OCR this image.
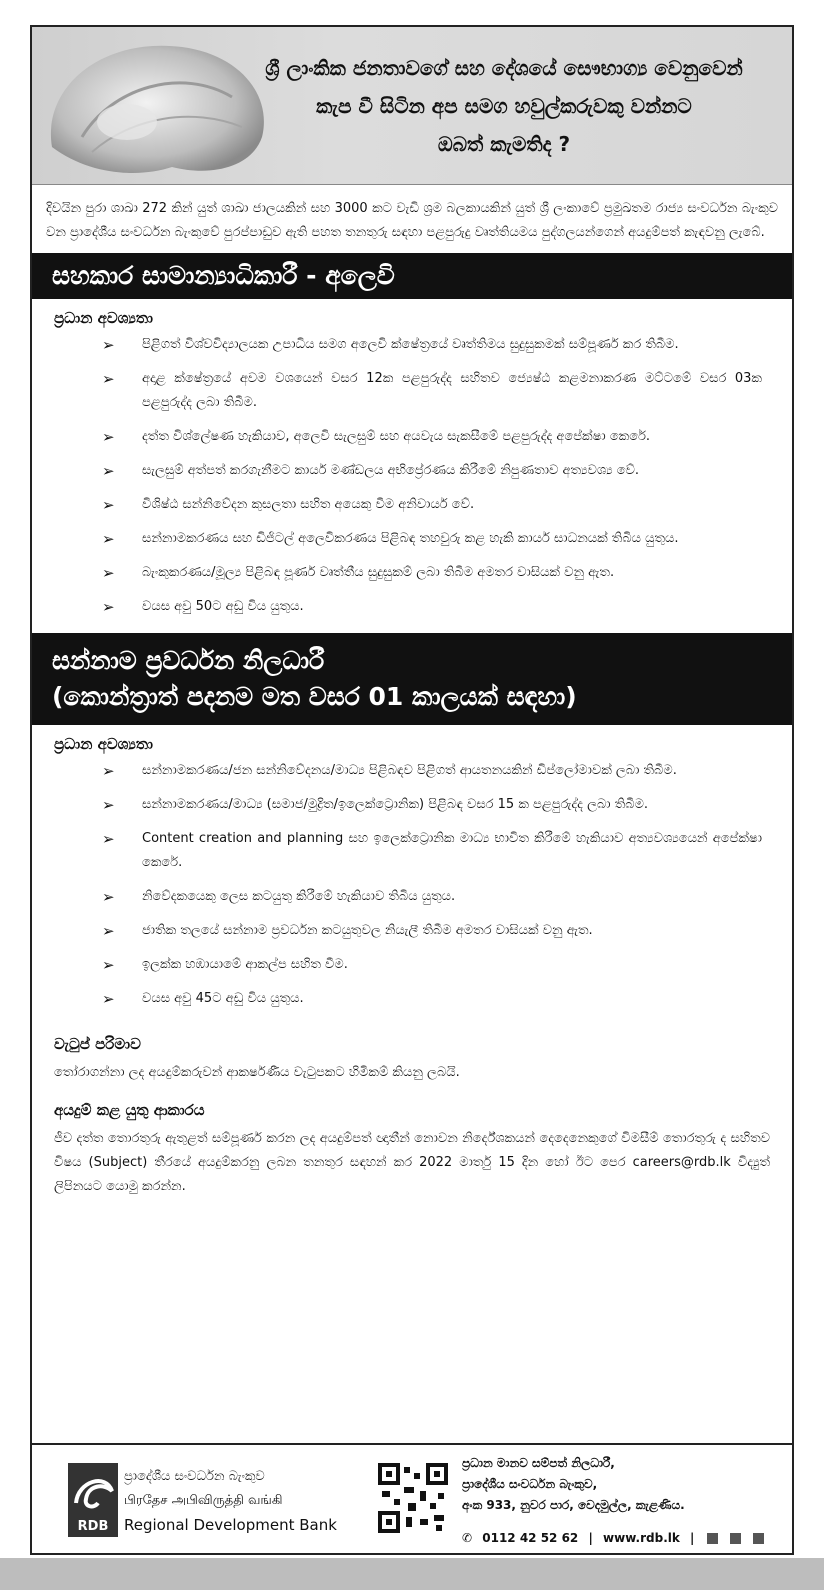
ශ්‍රී ලාංකික ජනතාවගේ සහ දේශයේ සෞභාග්‍ය වෙනුවෙන්
කැප වී සිටින අප සමග හවුල්කරුවකු වන්නට
ඔබත් කැමතිද ?

දිවයින පුරා ශාඛා 272 කින් යුත් ශාඛා ජාලයකින් සහ 3000 කට වැඩි ශ්‍රම බලකායකින් යුත් ශ්‍රී ලංකාවේ ප්‍රමුඛතම රාජ්‍ය සංවර්ධන බැංකුව වන ප්‍රාදේශීය සංවර්ධන බැංකුවේ පුරප්පාඩුව ඇති පහත තනතුරු සඳහා පළපුරුදු වෘත්තියමය පුද්ගලයන්ගෙන් අයදුම්පත් කැඳවනු ලැබේ.

සහකාර සාමාන්‍යාධිකාරී - අලෙවි
ප්‍රධාන අවශ්‍යතා
➢ පිළිගත් විශ්වවිද්‍යාලයක උපාධිය සමග අලෙවි ක්ෂේත්‍රයේ වෘත්තිමය සුදුසුකමක් සම්පූර්ණ කර තිබීම.
➢ අදාළ ක්ෂේත්‍රයේ අවම වශයෙන් වසර 12ක පළපුරුද්ද සහිතව ජ්‍යෙෂ්ඨ කළමනාකරණ මට්ටමේ වසර 03ක පළපුරුද්ද ලබා තිබීම.
➢ දත්ත විශ්ලේෂණ හැකියාව, අලෙවි සැලසුම් සහ අයවැය සැකසීමේ පළපුරුද්ද අපේක්ෂා කෙරේ.
➢ සැලසුම් අත්පත් කරගැනීමට කාර්ය මණ්ඩලය අභිප්‍රේරණය කිරීමේ නිපුණතාව අත්‍යවශ්‍ය වේ.
➢ විශිෂ්ඨ සන්නිවේදන කුසලතා සහිත අයෙකු වීම අනිවාර්ය වේ.
➢ සන්නාමකරණය සහ ඩිජිටල් අලෙවිකරණය පිළිබඳ තහවුරු කළ හැකි කාර්ය සාධනයක් තිබිය යුතුය.
➢ බැංකුකරණය/මූල්‍ය පිළිබඳ පූර්ණ වෘත්තීය සුදුසුකම් ලබා තිබීම අමතර වාසියක් වනු ඇත.
➢ වයස අවු 50ට අඩු විය යුතුය.
සන්නාම ප්‍රවර්ධන නිලධාරී
(කොන්ත්‍රාත් පදනම මත වසර 01 කාලයක් සඳහා)
ප්‍රධාන අවශ්‍යතා
➢ සන්නාමකරණය/ජන සන්නිවේදනය/මාධ්‍ය පිළිබඳව පිළිගත් ආයතනයකින් ඩිප්ලෝමාවක් ලබා තිබීම.
➢ සන්නාමකරණය/මාධ්‍ය (සමාජ/මුද්‍රිත/ඉලෙක්ට්‍රොනික) පිළිබඳ වසර 15 ක පළපුරුද්ද ලබා තිබීම.
➢ Content creation and planning සහ ඉලෙක්ට්‍රොනික මාධ්‍ය භාවිත කිරීමේ හැකියාව අත්‍යවශ්‍යයෙන් අපේක්ෂා කෙරේ.
➢ නිවේදකයෙකු ලෙස කටයුතු කිරීමේ හැකියාව තිබිය යුතුය.
➢ ජාතික තලයේ සන්නාම ප්‍රවර්ධන කටයුතුවල නියැලී තිබීම අමතර වාසියක් වනු ඇත.
➢ ඉලක්ක හඹායාමේ ආකල්ප සහිත වීම.
➢ වයස අවු 45ට අඩු විය යුතුය.
වැටුප් පරිමාව

තෝරාගන්නා ලද අයදුම්කරුවන් ආකර්ෂණීය වැටුපකට හිමිකම් කියනු ලබයි.

අයදුම් කළ යුතු ආකාරය

ජීව දත්ත තොරතුරු ඇතුළත් සම්පූර්ණ කරන ලද අයදුම්පත් ඥාතීන් නොවන නිර්දේශකයන් දෙදෙනෙකුගේ විමසීම් තොරතුරු ද සහිතව විෂය (Subject) තීරයේ අයදුම්කරනු ලබන තනතුර සඳහන් කර 2022 මාර්තු 15 දින හෝ ඊට පෙර careers@rdb.lk විද්‍යුත් ලිපිනයට යොමු කරන්න.

RDB
ප්‍රාදේශීය සංවර්ධන බැංකුව
பிரதேச அபிவிருத்தி வங்கி
Regional Development Bank
ප්‍රධාන මානව සම්පත් නිලධාරී,
ප්‍රාදේශීය සංවර්ධන බැංකුව,
අංක 933, නුවර පාර, වෙදමුල්ල, කැළණිය.
✆ 0112 42 52 62 | www.rdb.lk |
